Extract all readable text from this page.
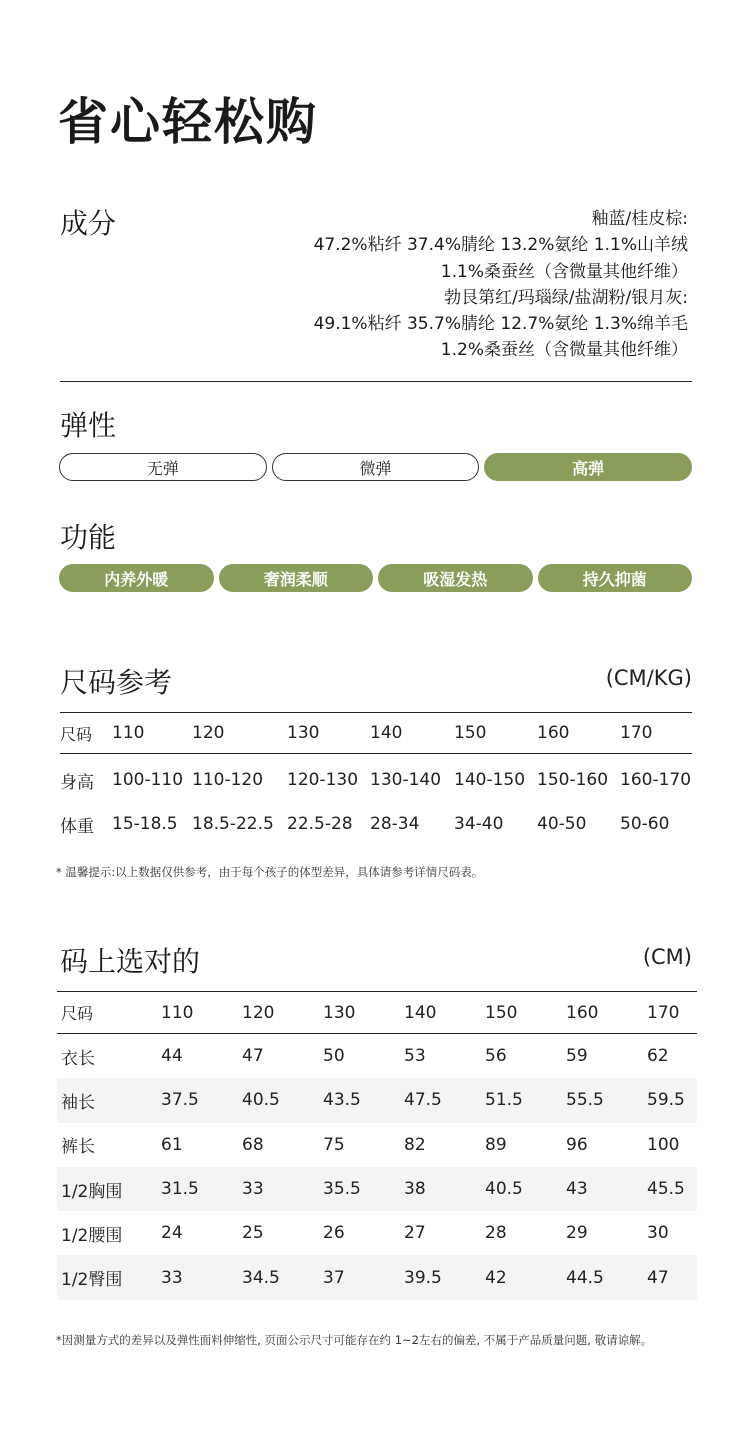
省心轻松购
成分	釉蓝/桂皮棕:
47.2%粘纤 37.4%腈纶 13.2%氨纶 1.1%山羊绒
1.1%桑蚕丝（含微量其他纤维）
勃艮第红/玛瑙绿/盐湖粉/银月灰:
49.1%粘纤 35.7%腈纶 12.7%氨纶 1.3%绵羊毛
1.2%桑蚕丝（含微量其他纤维）
弹性
无弹	微弹	高弹
功能
内养外暖	奢润柔顺	吸湿发热	持久抑菌
尺码参考	(CM/KG)
尺码	110	120	130	140	150	160	170
身高	100-110	110-120	120-130	130-140	140-150	150-160	160-170
体重	15-18.5	18.5-22.5	22.5-28	28-34	34-40	40-50	50-60
* 温馨提示:以上数据仅供参考，由于每个孩子的体型差异，具体请参考详情尺码表。
码上选对的	(CM)
尺码	110	120	130	140	150	160	170
衣长	44	47	50	53	56	59	62
袖长	37.5	40.5	43.5	47.5	51.5	55.5	59.5
裤长	61	68	75	82	89	96	100
1/2胸围	31.5	33	35.5	38	40.5	43	45.5
1/2腰围	24	25	26	27	28	29	30
1/2臀围	33	34.5	37	39.5	42	44.5	47
*因测量方式的差异以及弹性面料伸缩性, 页面公示尺寸可能存在约 1~2左右的偏差, 不属于产品质量问题, 敬请谅解。
